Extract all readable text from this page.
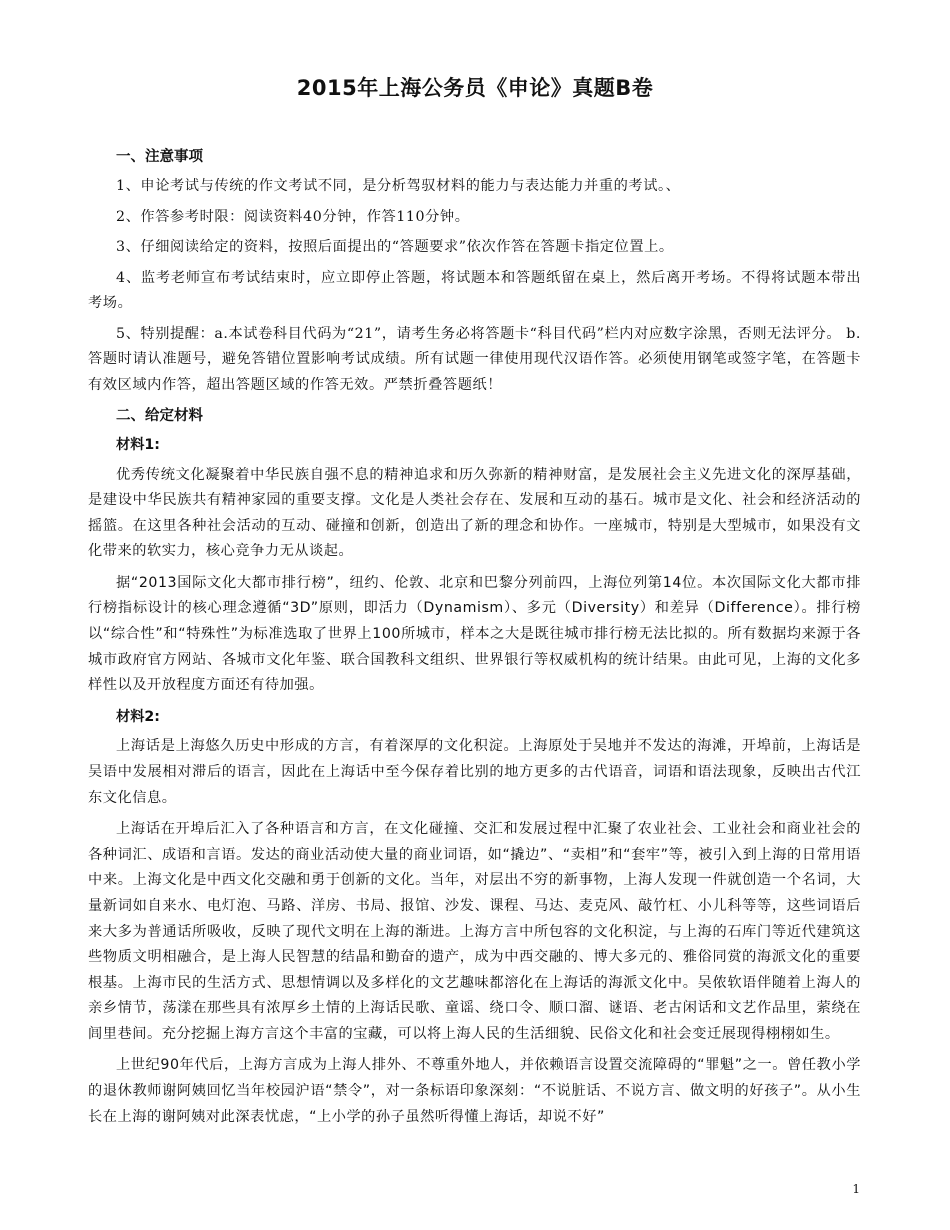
2015年上海公务员《申论》真题B卷
一、注意事项
1、申论考试与传统的作文考试不同，是分析驾驭材料的能力与表达能力并重的考试。、
2、作答参考时限：阅读资料40分钟，作答110分钟。
3、仔细阅读给定的资料，按照后面提出的“答题要求”依次作答在答题卡指定位置上。
4、监考老师宣布考试结束时，应立即停止答题，将试题本和答题纸留在桌上，然后离开考场。不得将试题本带出考场。
5、特别提醒：a.本试卷科目代码为“21”，请考生务必将答题卡“科目代码”栏内对应数字涂黑，否则无法评分。 b.答题时请认准题号，避免答错位置影响考试成绩。所有试题一律使用现代汉语作答。必须使用钢笔或签字笔，在答题卡有效区域内作答，超出答题区域的作答无效。严禁折叠答题纸！
二、给定材料
材料1:
优秀传统文化凝聚着中华民族自强不息的精神追求和历久弥新的精神财富，是发展社会主义先进文化的深厚基础，是建设中华民族共有精神家园的重要支撑。文化是人类社会存在、发展和互动的基石。城市是文化、社会和经济活动的摇篮。在这里各种社会活动的互动、碰撞和创新，创造出了新的理念和协作。一座城市，特别是大型城市，如果没有文化带来的软实力，核心竞争力无从谈起。
据“2013国际文化大都市排行榜”，纽约、伦敦、北京和巴黎分列前四，上海位列第14位。本次国际文化大都市排行榜指标设计的核心理念遵循“3D”原则，即活力（Dynamism）、多元（Diversity）和差异（Difference）。排行榜以“综合性”和“特殊性”为标准选取了世界上100所城市，样本之大是既往城市排行榜无法比拟的。所有数据均来源于各城市政府官方网站、各城市文化年鉴、联合国教科文组织、世界银行等权威机构的统计结果。由此可见，上海的文化多样性以及开放程度方面还有待加强。
材料2:
上海话是上海悠久历史中形成的方言，有着深厚的文化积淀。上海原处于吴地并不发达的海滩，开埠前，上海话是吴语中发展相对滞后的语言，因此在上海话中至今保存着比别的地方更多的古代语音，词语和语法现象，反映出古代江东文化信息。
上海话在开埠后汇入了各种语言和方言，在文化碰撞、交汇和发展过程中汇聚了农业社会、工业社会和商业社会的各种词汇、成语和言语。发达的商业活动使大量的商业词语，如“撬边”、“卖相”和“套牢”等，被引入到上海的日常用语中来。上海文化是中西文化交融和勇于创新的文化。当年，对层出不穷的新事物，上海人发现一件就创造一个名词，大量新词如自来水、电灯泡、马路、洋房、书局、报馆、沙发、课程、马达、麦克风、敲竹杠、小儿科等等，这些词语后来大多为普通话所吸收，反映了现代文明在上海的渐进。上海方言中所包容的文化积淀，与上海的石库门等近代建筑这些物质文明相融合，是上海人民智慧的结晶和勤奋的遗产，成为中西交融的、博大多元的、雅俗同赏的海派文化的重要根基。上海市民的生活方式、思想情调以及多样化的文艺趣味都溶化在上海话的海派文化中。吴侬软语伴随着上海人的亲乡情节，荡漾在那些具有浓厚乡土情的上海话民歌、童谣、绕口令、顺口溜、谜语、老古闲话和文艺作品里，萦绕在闾里巷间。充分挖掘上海方言这个丰富的宝藏，可以将上海人民的生活细貌、民俗文化和社会变迁展现得栩栩如生。
上世纪90年代后，上海方言成为上海人排外、不尊重外地人，并依赖语言设置交流障碍的“罪魁”之一。曾任教小学的退休教师谢阿姨回忆当年校园沪语“禁令”，对一条标语印象深刻：“不说脏话、不说方言、做文明的好孩子”。从小生长在上海的谢阿姨对此深表忧虑，“上小学的孙子虽然听得懂上海话，却说不好”
1
